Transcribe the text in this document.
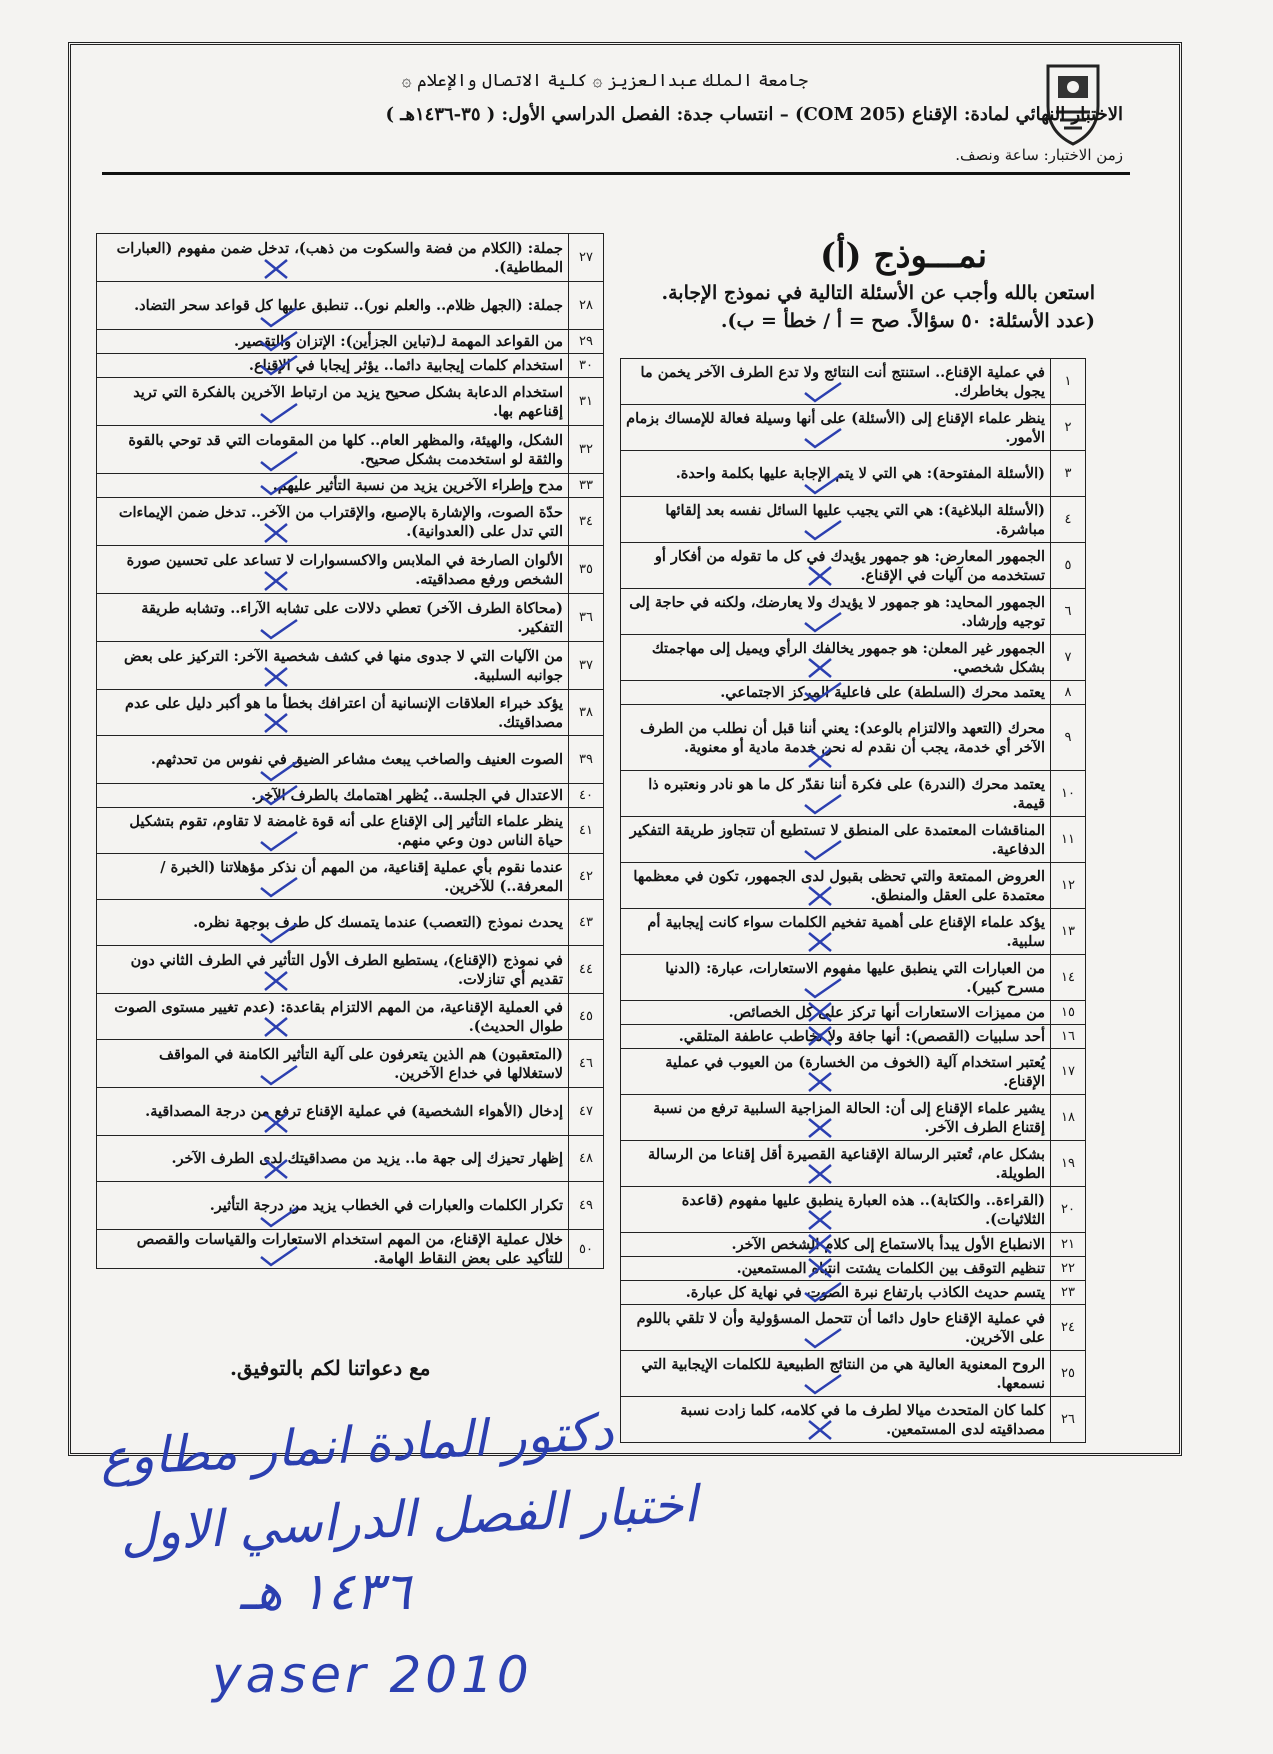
جامعة الملك عبدالعزيز ۞ كلية الاتصال والإعلام ۞
الاختبار النهائي لمادة: الإقناع (COM 205) – انتساب جدة: الفصل الدراسي الأول: ( ٣٥-١٤٣٦هـ )
زمن الاختبار: ساعة ونصف.
نمـــوذج (أ)
استعن بالله وأجب عن الأسئلة التالية في نموذج الإجابة.
(عدد الأسئلة: ٥٠ سؤالاً. صح = أ / خطأ = ب).
١	في عملية الإقناع.. استنتج أنت النتائج ولا تدع الطرف الآخر يخمن ما يجول بخاطرك.
٢	ينظر علماء الإقناع إلى (الأسئلة) على أنها وسيلة فعالة للإمساك بزمام الأمور.
٣	(الأسئلة المفتوحة): هي التي لا يتم الإجابة عليها بكلمة واحدة.
٤	(الأسئلة البلاغية): هي التي يجيب عليها السائل نفسه بعد إلقائها مباشرة.
٥	الجمهور المعارض: هو جمهور يؤيدك في كل ما تقوله من أفكار أو تستخدمه من آليات في الإقناع.
٦	الجمهور المحايد: هو جمهور لا يؤيدك ولا يعارضك، ولكنه في حاجة إلى توجيه وإرشاد.
٧	الجمهور غير المعلن: هو جمهور يخالفك الرأي ويميل إلى مهاجمتك بشكل شخصي.
٨	يعتمد محرك (السلطة) على فاعلية المركز الاجتماعي.
٩	محرك (التعهد والالتزام بالوعد): يعني أننا قبل أن نطلب من الطرف الآخر أي خدمة، يجب أن نقدم له نحن خدمة مادية أو معنوية.
١٠	يعتمد محرك (الندرة) على فكرة أننا نقدّر كل ما هو نادر ونعتبره ذا قيمة.
١١	المناقشات المعتمدة على المنطق لا تستطيع أن تتجاوز طريقة التفكير الدفاعية.
١٢	العروض الممتعة والتي تحظى بقبول لدى الجمهور، تكون في معظمها معتمدة على العقل والمنطق.
١٣	يؤكد علماء الإقناع على أهمية تفخيم الكلمات سواء كانت إيجابية أم سلبية.
١٤	من العبارات التي ينطبق عليها مفهوم الاستعارات، عبارة: (الدنيا مسرح كبير).
١٥	من مميزات الاستعارات أنها تركز على كل الخصائص.
١٦	أحد سلبيات (القصص): أنها جافة ولا تخاطب عاطفة المتلقي.
١٧	يُعتبر استخدام آلية (الخوف من الخسارة) من العيوب في عملية الإقناع.
١٨	يشير علماء الإقناع إلى أن: الحالة المزاجية السلبية ترفع من نسبة إقتناع الطرف الآخر.
١٩	بشكل عام، تُعتبر الرسالة الإقناعية القصيرة أقل إقناعا من الرسالة الطويلة.
٢٠	(القراءة.. والكتابة).. هذه العبارة ينطبق عليها مفهوم (قاعدة الثلاثيات).
٢١	الانطباع الأول يبدأ بالاستماع إلى كلام الشخص الآخر.
٢٢	تنظيم التوقف بين الكلمات يشتت انتباه المستمعين.
٢٣	يتسم حديث الكاذب بارتفاع نبرة الصوت في نهاية كل عبارة.
٢٤	في عملية الإقناع حاول دائما أن تتحمل المسؤولية وأن لا تلقي باللوم على الآخرين.
٢٥	الروح المعنوية العالية هي من النتائج الطبيعية للكلمات الإيجابية التي نسمعها.
٢٦	كلما كان المتحدث ميالا لطرف ما في كلامه، كلما زادت نسبة مصداقيته لدى المستمعين.
٢٧	جملة: (الكلام من فضة والسكوت من ذهب)، تدخل ضمن مفهوم (العبارات المطاطية).
٢٨	جملة: (الجهل ظلام.. والعلم نور).. تنطبق عليها كل قواعد سحر التضاد.
٢٩	من القواعد المهمة لـ(تباين الجزأين): الإتزان والتقصير.
٣٠	استخدام كلمات إيجابية دائما.. يؤثر إيجابا في الإقناع.
٣١	استخدام الدعابة بشكل صحيح يزيد من ارتباط الآخرين بالفكرة التي تريد إقناعهم بها.
٣٢	الشكل، والهيئة، والمظهر العام.. كلها من المقومات التي قد توحي بالقوة والثقة لو استخدمت بشكل صحيح.
٣٣	مدح وإطراء الآخرين يزيد من نسبة التأثير عليهم.
٣٤	حدّة الصوت، والإشارة بالإصبع، والإقتراب من الآخر.. تدخل ضمن الإيماءات التي تدل على (العدوانية).
٣٥	الألوان الصارخة في الملابس والاكسسوارات لا تساعد على تحسين صورة الشخص ورفع مصداقيته.
٣٦	(محاكاة الطرف الآخر) تعطي دلالات على تشابه الآراء.. وتشابه طريقة التفكير.
٣٧	من الآليات التي لا جدوى منها في كشف شخصية الآخر: التركيز على بعض جوانبه السلبية.
٣٨	يؤكد خبراء العلاقات الإنسانية أن اعترافك بخطأ ما هو أكبر دليل على عدم مصداقيتك.
٣٩	الصوت العنيف والصاخب يبعث مشاعر الضيق في نفوس من تحدثهم.
٤٠	الاعتدال في الجلسة.. يُظهر اهتمامك بالطرف الآخر.
٤١	ينظر علماء التأثير إلى الإقناع على أنه قوة غامضة لا تقاوم، تقوم بتشكيل حياة الناس دون وعي منهم.
٤٢	عندما نقوم بأي عملية إقناعية، من المهم أن نذكر مؤهلاتنا (الخبرة / المعرفة..) للآخرين.
٤٣	يحدث نموذج (التعصب) عندما يتمسك كل طرف بوجهة نظره.
٤٤	في نموذج (الإقناع)، يستطيع الطرف الأول التأثير في الطرف الثاني دون تقديم أي تنازلات.
٤٥	في العملية الإقناعية، من المهم الالتزام بقاعدة: (عدم تغيير مستوى الصوت طوال الحديث).
٤٦	(المتعقبون) هم الذين يتعرفون على آلية التأثير الكامنة في المواقف لاستغلالها في خداع الآخرين.
٤٧	إدخال (الأهواء الشخصية) في عملية الإقناع ترفع من درجة المصداقية.
٤٨	إظهار تحيزك إلى جهة ما.. يزيد من مصداقيتك لدى الطرف الآخر.
٤٩	تكرار الكلمات والعبارات في الخطاب يزيد من درجة التأثير.
٥٠	خلال عملية الإقناع، من المهم استخدام الاستعارات والقياسات والقصص للتأكيد على بعض النقاط الهامة.
مع دعواتنا لكم بالتوفيق.
دكتور المادة انمار مطاوع
اختبار الفصل الدراسي الاول
١٤٣٦ هـ
yaser 2010
